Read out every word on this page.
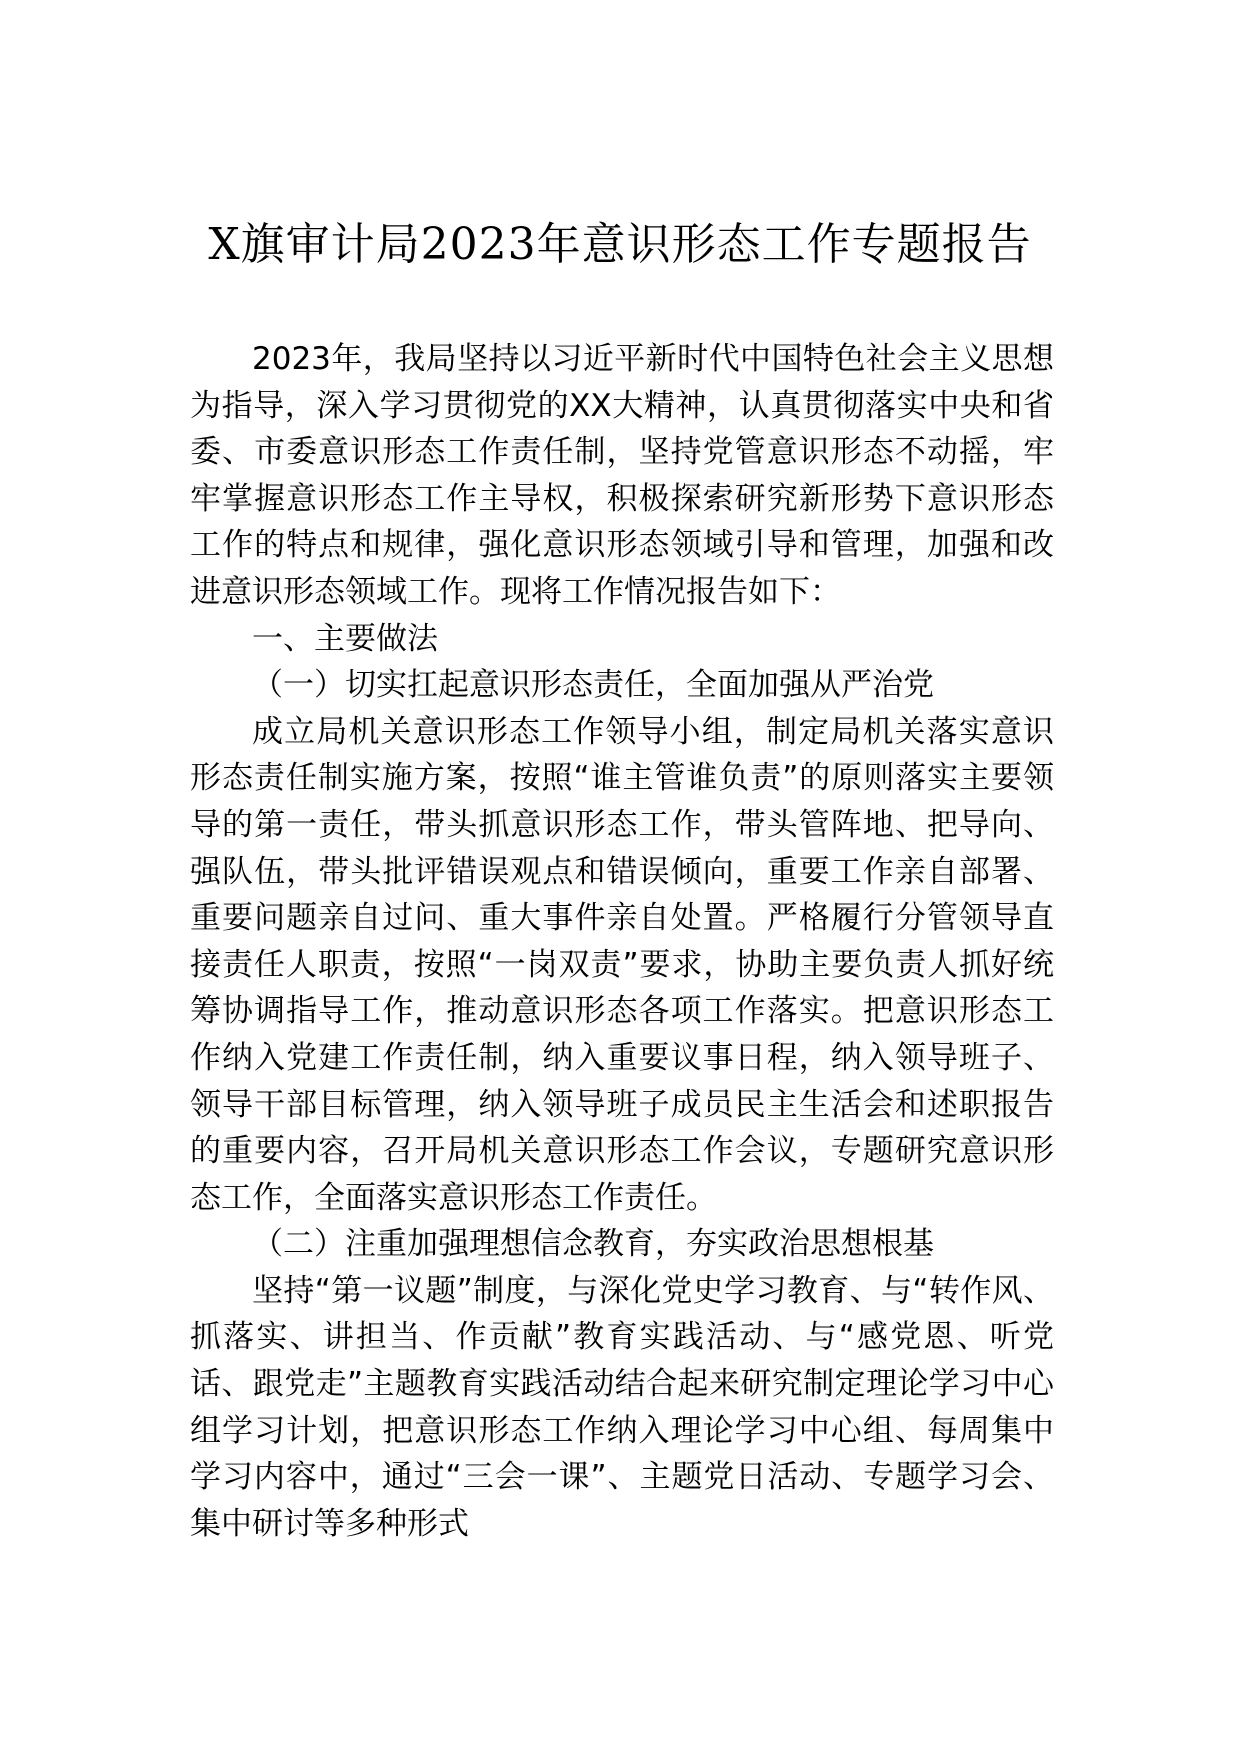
X旗审计局2023年意识形态工作专题报告

2023年，我局坚持以习近平新时代中国特色社会主义思想为指导，深入学习贯彻党的XX大精神，认真贯彻落实中央和省委、市委意识形态工作责任制，坚持党管意识形态不动摇，牢牢掌握意识形态工作主导权，积极探索研究新形势下意识形态工作的特点和规律，强化意识形态领域引导和管理，加强和改进意识形态领域工作。现将工作情况报告如下：

一、主要做法

（一）切实扛起意识形态责任，全面加强从严治党

成立局机关意识形态工作领导小组，制定局机关落实意识形态责任制实施方案，按照“谁主管谁负责”的原则落实主要领导的第一责任，带头抓意识形态工作，带头管阵地、把导向、强队伍，带头批评错误观点和错误倾向，重要工作亲自部署、重要问题亲自过问、重大事件亲自处置。严格履行分管领导直接责任人职责，按照“一岗双责”要求，协助主要负责人抓好统筹协调指导工作，推动意识形态各项工作落实。把意识形态工作纳入党建工作责任制，纳入重要议事日程，纳入领导班子、领导干部目标管理，纳入领导班子成员民主生活会和述职报告的重要内容，召开局机关意识形态工作会议，专题研究意识形态工作，全面落实意识形态工作责任。

（二）注重加强理想信念教育，夯实政治思想根基

坚持“第一议题”制度，与深化党史学习教育、与“转作风、抓落实、讲担当、作贡献”教育实践活动、与“感党恩、听党话、跟党走”主题教育实践活动结合起来研究制定理论学习中心组学习计划，把意识形态工作纳入理论学习中心组、每周集中学习内容中，通过“三会一课”、主题党日活动、专题学习会、集中研讨等多种形式
